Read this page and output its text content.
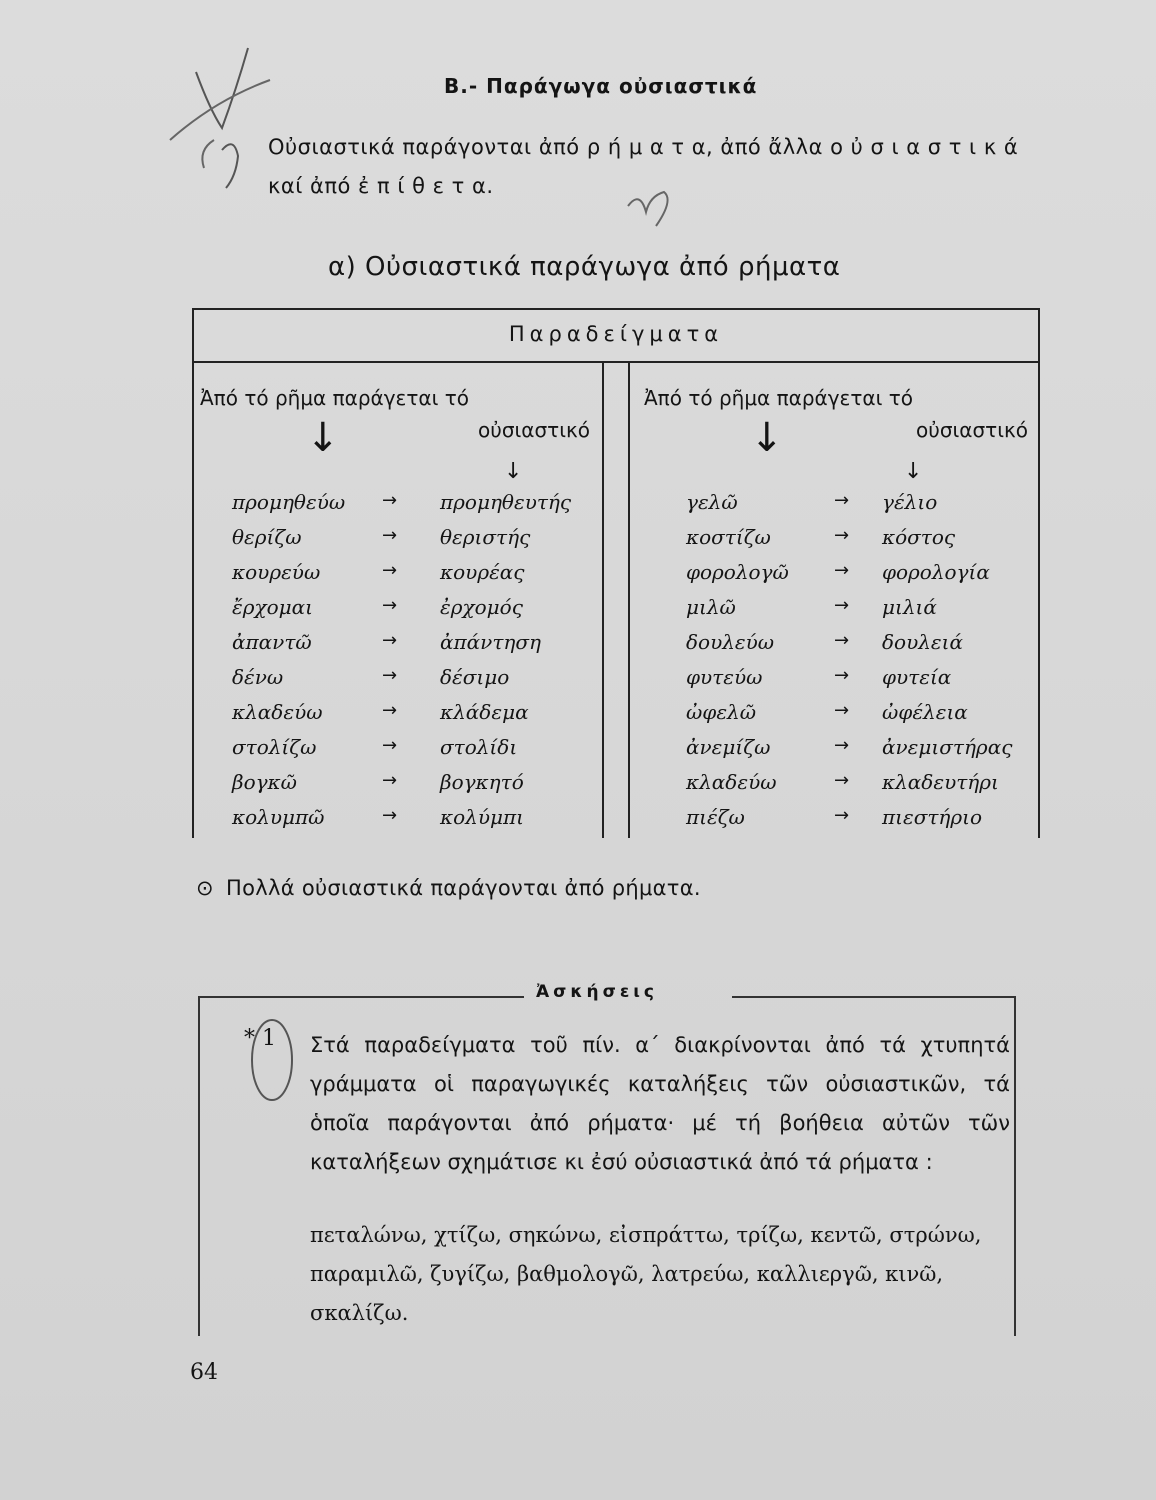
Β.- Παράγωγα οὐσιαστικά
Οὐσιαστικά παράγονται ἀπό ρ ή μ α τ α, ἀπό ἄλλα ο ὐ σ ι α σ τ ι κ ά καί ἀπό ἐ π ί θ ε τ α.
α) Οὐσιαστικά παράγωγα ἀπό ρήματα
Παραδείγματα
Ἀπό τό ρῆμα παράγεται τό
οὐσιαστικό
Ἀπό τό ρῆμα παράγεται τό
οὐσιαστικό
↓
↓
↓
↓
προμηθεύω → προμηθευτής
θερίζω	→ θεριστής
κουρεύω	→ κουρέας
ἔρχομαι	→ ἐρχομός
ἀπαντῶ	→ ἀπάντηση
δένω	→ δέσιμο
κλαδεύω	→ κλάδεμα
στολίζω	→ στολίδι
βογκῶ	→ βογκητό
κολυμπῶ	→ κολύμπι
γελῶ	→ γέλιο
κοστίζω	→ κόστος
φορολογῶ	→ φορολογία
μιλῶ	→ μιλιά
δουλεύω	→ δουλειά
φυτεύω	→ φυτεία
ὠφελῶ	→ ὠφέλεια
ἀνεμίζω	→ ἀνεμιστήρας
κλαδεύω	→ κλαδευτήρι
πιέζω	→ πιεστήριο
⊙ Πολλά οὐσιαστικά παράγονται ἀπό ρήματα.
Ἀσκήσεις
* 1 Στά παραδείγματα τοῦ πίν. α΄ διακρίνονται ἀπό τά χτυπητά γράμματα οἱ παραγωγικές καταλήξεις τῶν οὐσιαστικῶν, τά ὁποῖα παράγονται ἀπό ρήματα· μέ τή βοήθεια αὐτῶν τῶν καταλήξεων σχημάτισε κι ἐσύ οὐσιαστικά ἀπό τά ρήματα :
πεταλώνω, χτίζω, σηκώνω, εἰσπράττω, τρίζω, κεντῶ, στρώνω, παραμιλῶ, ζυγίζω, βαθμολογῶ, λατρεύω, καλλιεργῶ, κινῶ, σκαλίζω.
64
